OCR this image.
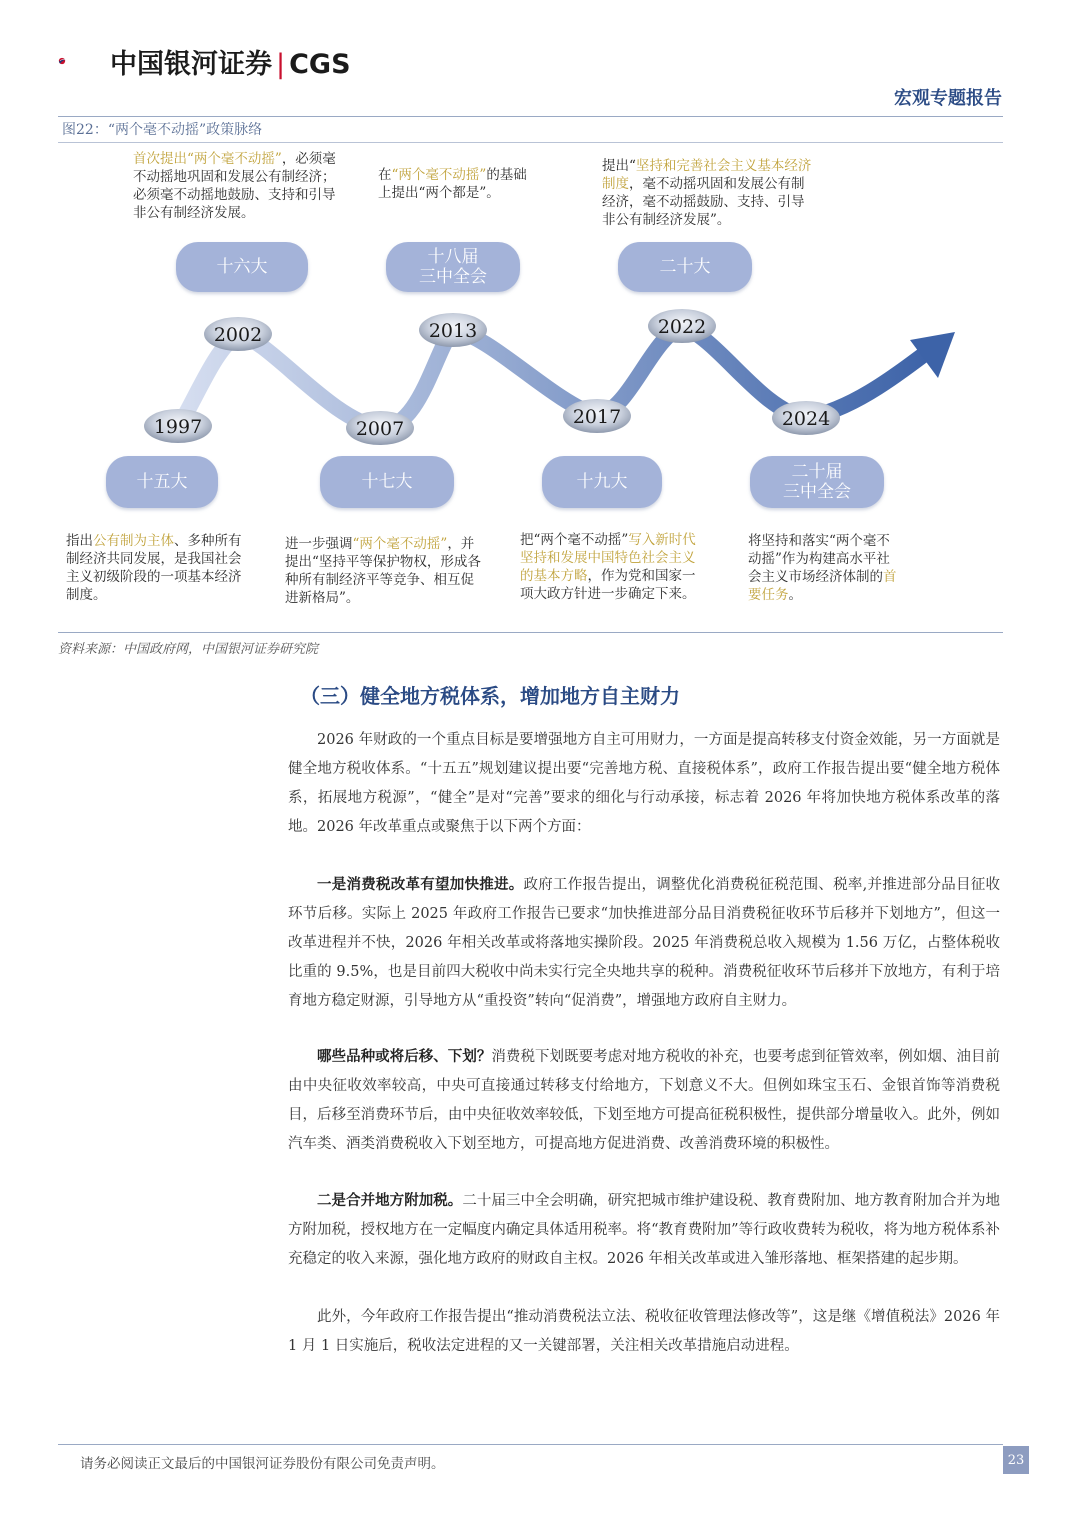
中国银河证券 | CGS
宏观专题报告
图22：“两个毫不动摇”政策脉络
首次提出“两个毫不动摇”，必须毫不动摇地巩固和发展公有制经济；必须毫不动摇地鼓励、支持和引导非公有制经济发展。
在“两个毫不动摇”的基础上提出“两个都是”。
提出“坚持和完善社会主义基本经济制度，毫不动摇巩固和发展公有制经济，毫不动摇鼓励、支持、引导非公有制经济发展”。
十六大	十八届
三中全会	二十大
1997
2002
2007
2013
2017
2022
2024
十五大	十七大	十九大	二十届
三中全会
指出公有制为主体、多种所有制经济共同发展，是我国社会主义初级阶段的一项基本经济制度。
进一步强调“两个毫不动摇”，并提出“坚持平等保护物权，形成各种所有制经济平等竞争、相互促进新格局”。
把“两个毫不动摇”写入新时代坚持和发展中国特色社会主义的基本方略，作为党和国家一项大政方针进一步确定下来。
将坚持和落实“两个毫不动摇”作为构建高水平社会主义市场经济体制的首要任务。
资料来源：中国政府网，中国银河证券研究院
（三）健全地方税体系，增加地方自主财力
2026 年财政的一个重点目标是要增强地方自主可用财力，一方面是提高转移支付资金效能，另一方面就是健全地方税收体系。“十五五”规划建议提出要“完善地方税、直接税体系”，政府工作报告提出要“健全地方税体系，拓展地方税源”，“健全”是对“完善”要求的细化与行动承接，标志着 2026 年将加快地方税体系改革的落地。2026 年改革重点或聚焦于以下两个方面：
一是消费税改革有望加快推进。政府工作报告提出，调整优化消费税征税范围、税率,并推进部分品目征收环节后移。实际上 2025 年政府工作报告已要求“加快推进部分品目消费税征收环节后移并下划地方”，但这一改革进程并不快，2026 年相关改革或将落地实操阶段。2025 年消费税总收入规模为 1.56 万亿，占整体税收比重的 9.5%，也是目前四大税收中尚未实行完全央地共享的税种。消费税征收环节后移并下放地方，有利于培育地方稳定财源，引导地方从“重投资”转向“促消费”，增强地方政府自主财力。
哪些品种或将后移、下划？消费税下划既要考虑对地方税收的补充，也要考虑到征管效率，例如烟、油目前由中央征收效率较高，中央可直接通过转移支付给地方，下划意义不大。但例如珠宝玉石、金银首饰等消费税目，后移至消费环节后，由中央征收效率较低，下划至地方可提高征税积极性，提供部分增量收入。此外，例如汽车类、酒类消费税收入下划至地方，可提高地方促进消费、改善消费环境的积极性。
二是合并地方附加税。二十届三中全会明确，研究把城市维护建设税、教育费附加、地方教育附加合并为地方附加税，授权地方在一定幅度内确定具体适用税率。将“教育费附加”等行政收费转为税收，将为地方税体系补充稳定的收入来源，强化地方政府的财政自主权。2026 年相关改革或进入雏形落地、框架搭建的起步期。
此外，今年政府工作报告提出“推动消费税法立法、税收征收管理法修改等”，这是继《增值税法》2026 年 1 月 1 日实施后，税收法定进程的又一关键部署，关注相关改革措施启动进程。
请务必阅读正文最后的中国银河证券股份有限公司免责声明。	23
